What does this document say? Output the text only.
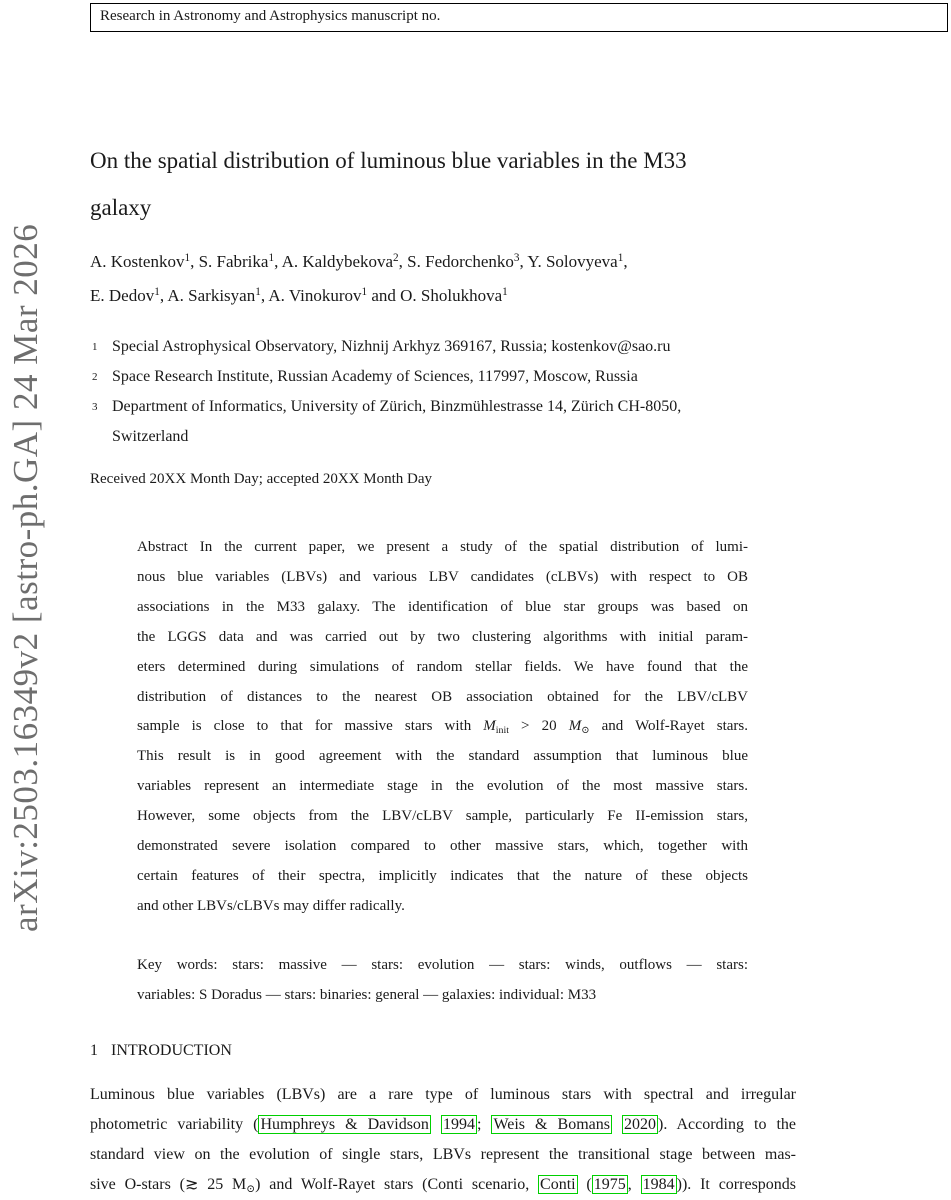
arXiv:2503.16349v2 [astro-ph.GA] 24 Mar 2026
Research in Astronomy and Astrophysics manuscript no.
On the spatial distribution of luminous blue variables in the M33
galaxy
A. Kostenkov$^1$, S. Fabrika$^1$, A. Kaldybekova$^2$, S. Fedorchenko$^3$, Y. Solovyeva$^1$,
E. Dedov$^1$, A. Sarkisyan$^1$, A. Vinokurov$^1$ and O. Sholukhova$^1$
1 Special Astrophysical Observatory, Nizhnij Arkhyz 369167, Russia; kostenkov@sao.ru
2 Space Research Institute, Russian Academy of Sciences, 117997, Moscow, Russia
3 Department of Informatics, University of Zürich, Binzmühlestrasse 14, Zürich CH-8050,
Switzerland
Received 20XX Month Day; accepted 20XX Month Day
Abstract In the current paper, we present a study of the spatial distribution of lumi-
nous blue variables (LBVs) and various LBV candidates (cLBVs) with respect to OB
associations in the M33 galaxy. The identification of blue star groups was based on
the LGGS data and was carried out by two clustering algorithms with initial param-
eters determined during simulations of random stellar fields. We have found that the
distribution of distances to the nearest OB association obtained for the LBV/cLBV
sample is close to that for massive stars with Minit > 20 M⊙ and Wolf-Rayet stars.
This result is in good agreement with the standard assumption that luminous blue
variables represent an intermediate stage in the evolution of the most massive stars.
However, some objects from the LBV/cLBV sample, particularly Fe II-emission stars,
demonstrated severe isolation compared to other massive stars, which, together with
certain features of their spectra, implicitly indicates that the nature of these objects
and other LBVs/cLBVs may differ radically.
Key words: stars: massive — stars: evolution — stars: winds, outflows — stars:
variables: S Doradus — stars: binaries: general — galaxies: individual: M33
1 INTRODUCTION
Luminous blue variables (LBVs) are a rare type of luminous stars with spectral and irregular
photometric variability ( Humphreys & Davidson 1994 ; Weis & Bomans 2020 ). According to the
standard view on the evolution of single stars, LBVs represent the transitional stage between mas-
sive O-stars (≳ 25 M⊙) and Wolf-Rayet stars (Conti scenario, Conti ( 1975 , 1984 )). It corresponds
